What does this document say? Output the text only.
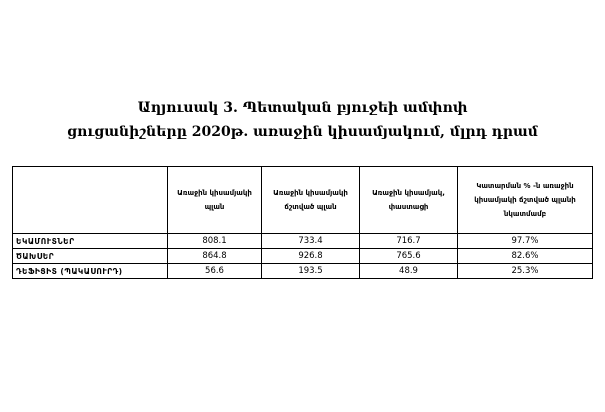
Աղյուսակ 3. Պետական բյուջեի ամփոփ
ցուցանիշները 2020թ. առաջին կիսամյակում, մլրդ դրամ
	Առաջին կիսամյակի պլան	Առաջին կիսամյակի ճշտված պլան	Առաջին կիսամյակ, փաստացի	Կատարման % -ն առաջին կիսամյակի ճշտված պլանի նկատմամբ
ԵԿԱՄՈՒՏՆԵՐ	808.1	733.4	716.7	97.7%
ԾԱԽՍԵՐ	864.8	926.8	765.6	82.6%
ԴԵՖԻՑԻՏ (ՊԱԿԱՍՈՒՐԴ)	56.6	193.5	48.9	25.3%
